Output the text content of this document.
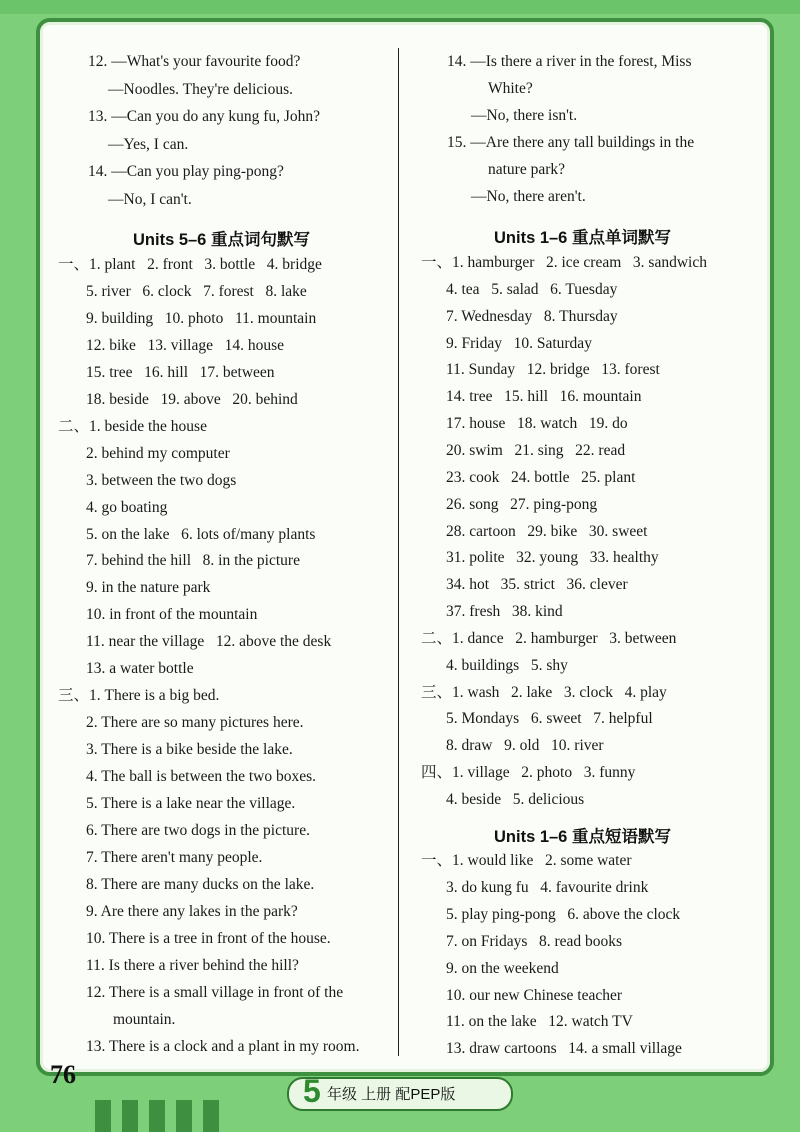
12. —What's your favourite food?
—Noodles. They're delicious.
13. —Can you do any kung fu, John?
—Yes, I can.
14. —Can you play ping-pong?
—No, I can't.
Units 5–6 重点词句默写
一、1. plant   2. front   3. bottle   4. bridge
5. river   6. clock   7. forest   8. lake
9. building   10. photo   11. mountain
12. bike   13. village   14. house
15. tree   16. hill   17. between
18. beside   19. above   20. behind
二、1. beside the house
2. behind my computer
3. between the two dogs
4. go boating
5. on the lake   6. lots of/many plants
7. behind the hill   8. in the picture
9. in the nature park
10. in front of the mountain
11. near the village   12. above the desk
13. a water bottle
三、1. There is a big bed.
2. There are so many pictures here.
3. There is a bike beside the lake.
4. The ball is between the two boxes.
5. There is a lake near the village.
6. There are two dogs in the picture.
7. There aren't many people.
8. There are many ducks on the lake.
9. Are there any lakes in the park?
10. There is a tree in front of the house.
11. Is there a river behind the hill?
12. There is a small village in front of the
mountain.
13. There is a clock and a plant in my room.
14. —Is there a river in the forest, Miss
White?
—No, there isn't.
15. —Are there any tall buildings in the
nature park?
—No, there aren't.
Units 1–6 重点单词默写
一、1. hamburger   2. ice cream   3. sandwich
4. tea   5. salad   6. Tuesday
7. Wednesday   8. Thursday
9. Friday   10. Saturday
11. Sunday   12. bridge   13. forest
14. tree   15. hill   16. mountain
17. house   18. watch   19. do
20. swim   21. sing   22. read
23. cook   24. bottle   25. plant
26. song   27. ping-pong
28. cartoon   29. bike   30. sweet
31. polite   32. young   33. healthy
34. hot   35. strict   36. clever
37. fresh   38. kind
二、1. dance   2. hamburger   3. between
4. buildings   5. shy
三、1. wash   2. lake   3. clock   4. play
5. Mondays   6. sweet   7. helpful
8. draw   9. old   10. river
四、1. village   2. photo   3. funny
4. beside   5. delicious
Units 1–6 重点短语默写
一、1. would like   2. some water
3. do kung fu   4. favourite drink
5. play ping-pong   6. above the clock
7. on Fridays   8. read books
9. on the weekend
10. our new Chinese teacher
11. on the lake   12. watch TV
13. draw cartoons   14. a small village
76	5 年级 上册 配PEP版
